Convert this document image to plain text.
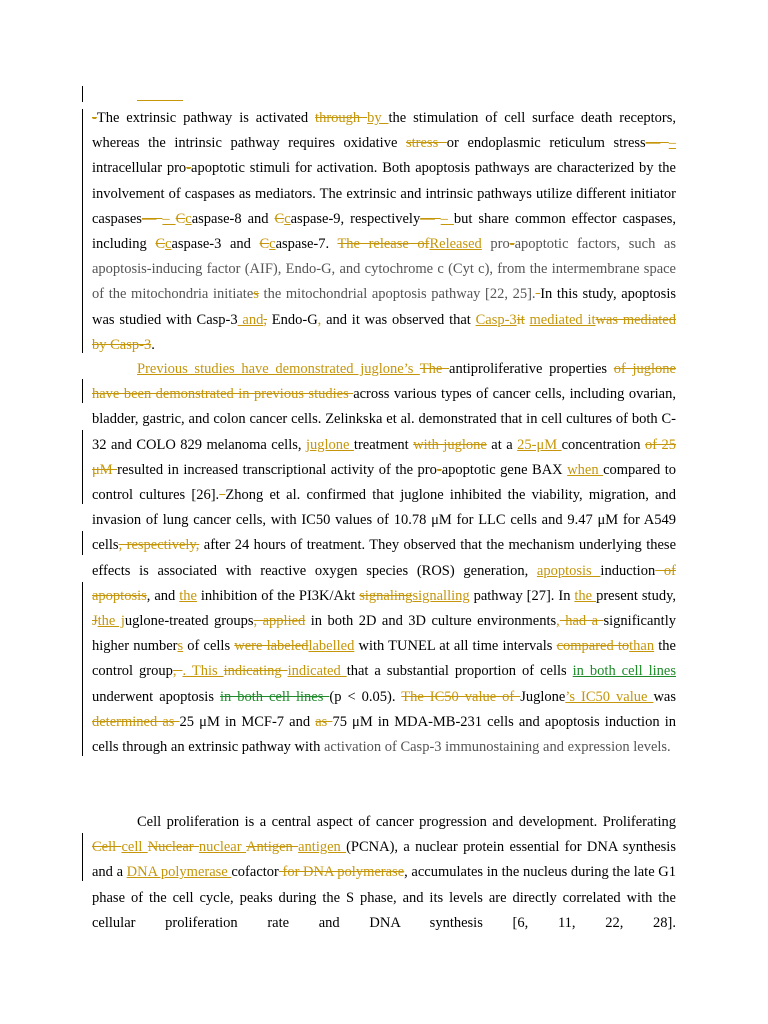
-The extrinsic pathway is activated through by the stimulation of cell surface death receptors, whereas the intrinsic pathway requires oxidative stress or endoplasmic reticulum stress— – intracellular pro-apoptotic stimuli for activation. Both apoptosis pathways are characterized by the involvement of caspases as mediators. The extrinsic and intrinsic pathways utilize different initiator caspases— – Ccaspase-8 and Ccaspase-9, respectively— – but share common effector caspases, including Ccaspase-3 and Ccaspase-7. The release ofReleased pro-apoptotic factors, such as apoptosis-inducing factor (AIF), Endo-G, and cytochrome c (Cyt c), from the intermembrane space of the mitochondria initiates the mitochondrial apoptosis pathway [22, 25]. In this study, apoptosis was studied with Casp-3 and, Endo-G, and it was observed that Casp-3it mediated itwas mediated by Casp-3.

Previous studies have demonstrated juglone’s The antiproliferative properties of juglone have been demonstrated in previous studies across various types of cancer cells, including ovarian, bladder, gastric, and colon cancer cells. Zelinkska et al. demonstrated that in cell cultures of both C-32 and COLO 829 melanoma cells, juglone treatment with juglone at a 25-μM concentration of 25 μM resulted in increased transcriptional activity of the pro-apoptotic gene BAX when compared to control cultures [26]. Zhong et al. confirmed that juglone inhibited the viability, migration, and invasion of lung cancer cells, with IC50 values of 10.78 μM for LLC cells and 9.47 μM for A549 cells, respectively, after 24 hours of treatment. They observed that the mechanism underlying these effects is associated with reactive oxygen species (ROS) generation, apoptosis induction of apoptosis, and the inhibition of the PI3K/Akt signalingsignalling pathway [27]. In the present study, Jthe juglone-treated groups, applied in both 2D and 3D culture environments, had a significantly higher numbers of cells were labeledlabelled with TUNEL at all time intervals compared tothan the control group, . This indicating indicated that a substantial proportion of cells in both cell lines underwent apoptosis in both cell lines (p < 0.05). The IC50 value of Juglone’s IC50 value was determined as 25 μM in MCF-7 and as 75 μM in MDA-MB-231 cells and apoptosis induction in cells through an extrinsic pathway with activation of Casp-3 immunostaining and expression levels.

Cell proliferation is a central aspect of cancer progression and development. Proliferating Cell cell Nuclear nuclear Antigen antigen (PCNA), a nuclear protein essential for DNA synthesis and a DNA polymerase cofactor for DNA polymerase, accumulates in the nucleus during the late G1 phase of the cell cycle, peaks during the S phase, and its levels are directly correlated with the cellular proliferation rate and DNA synthesis [6, 11, 22, 28].
